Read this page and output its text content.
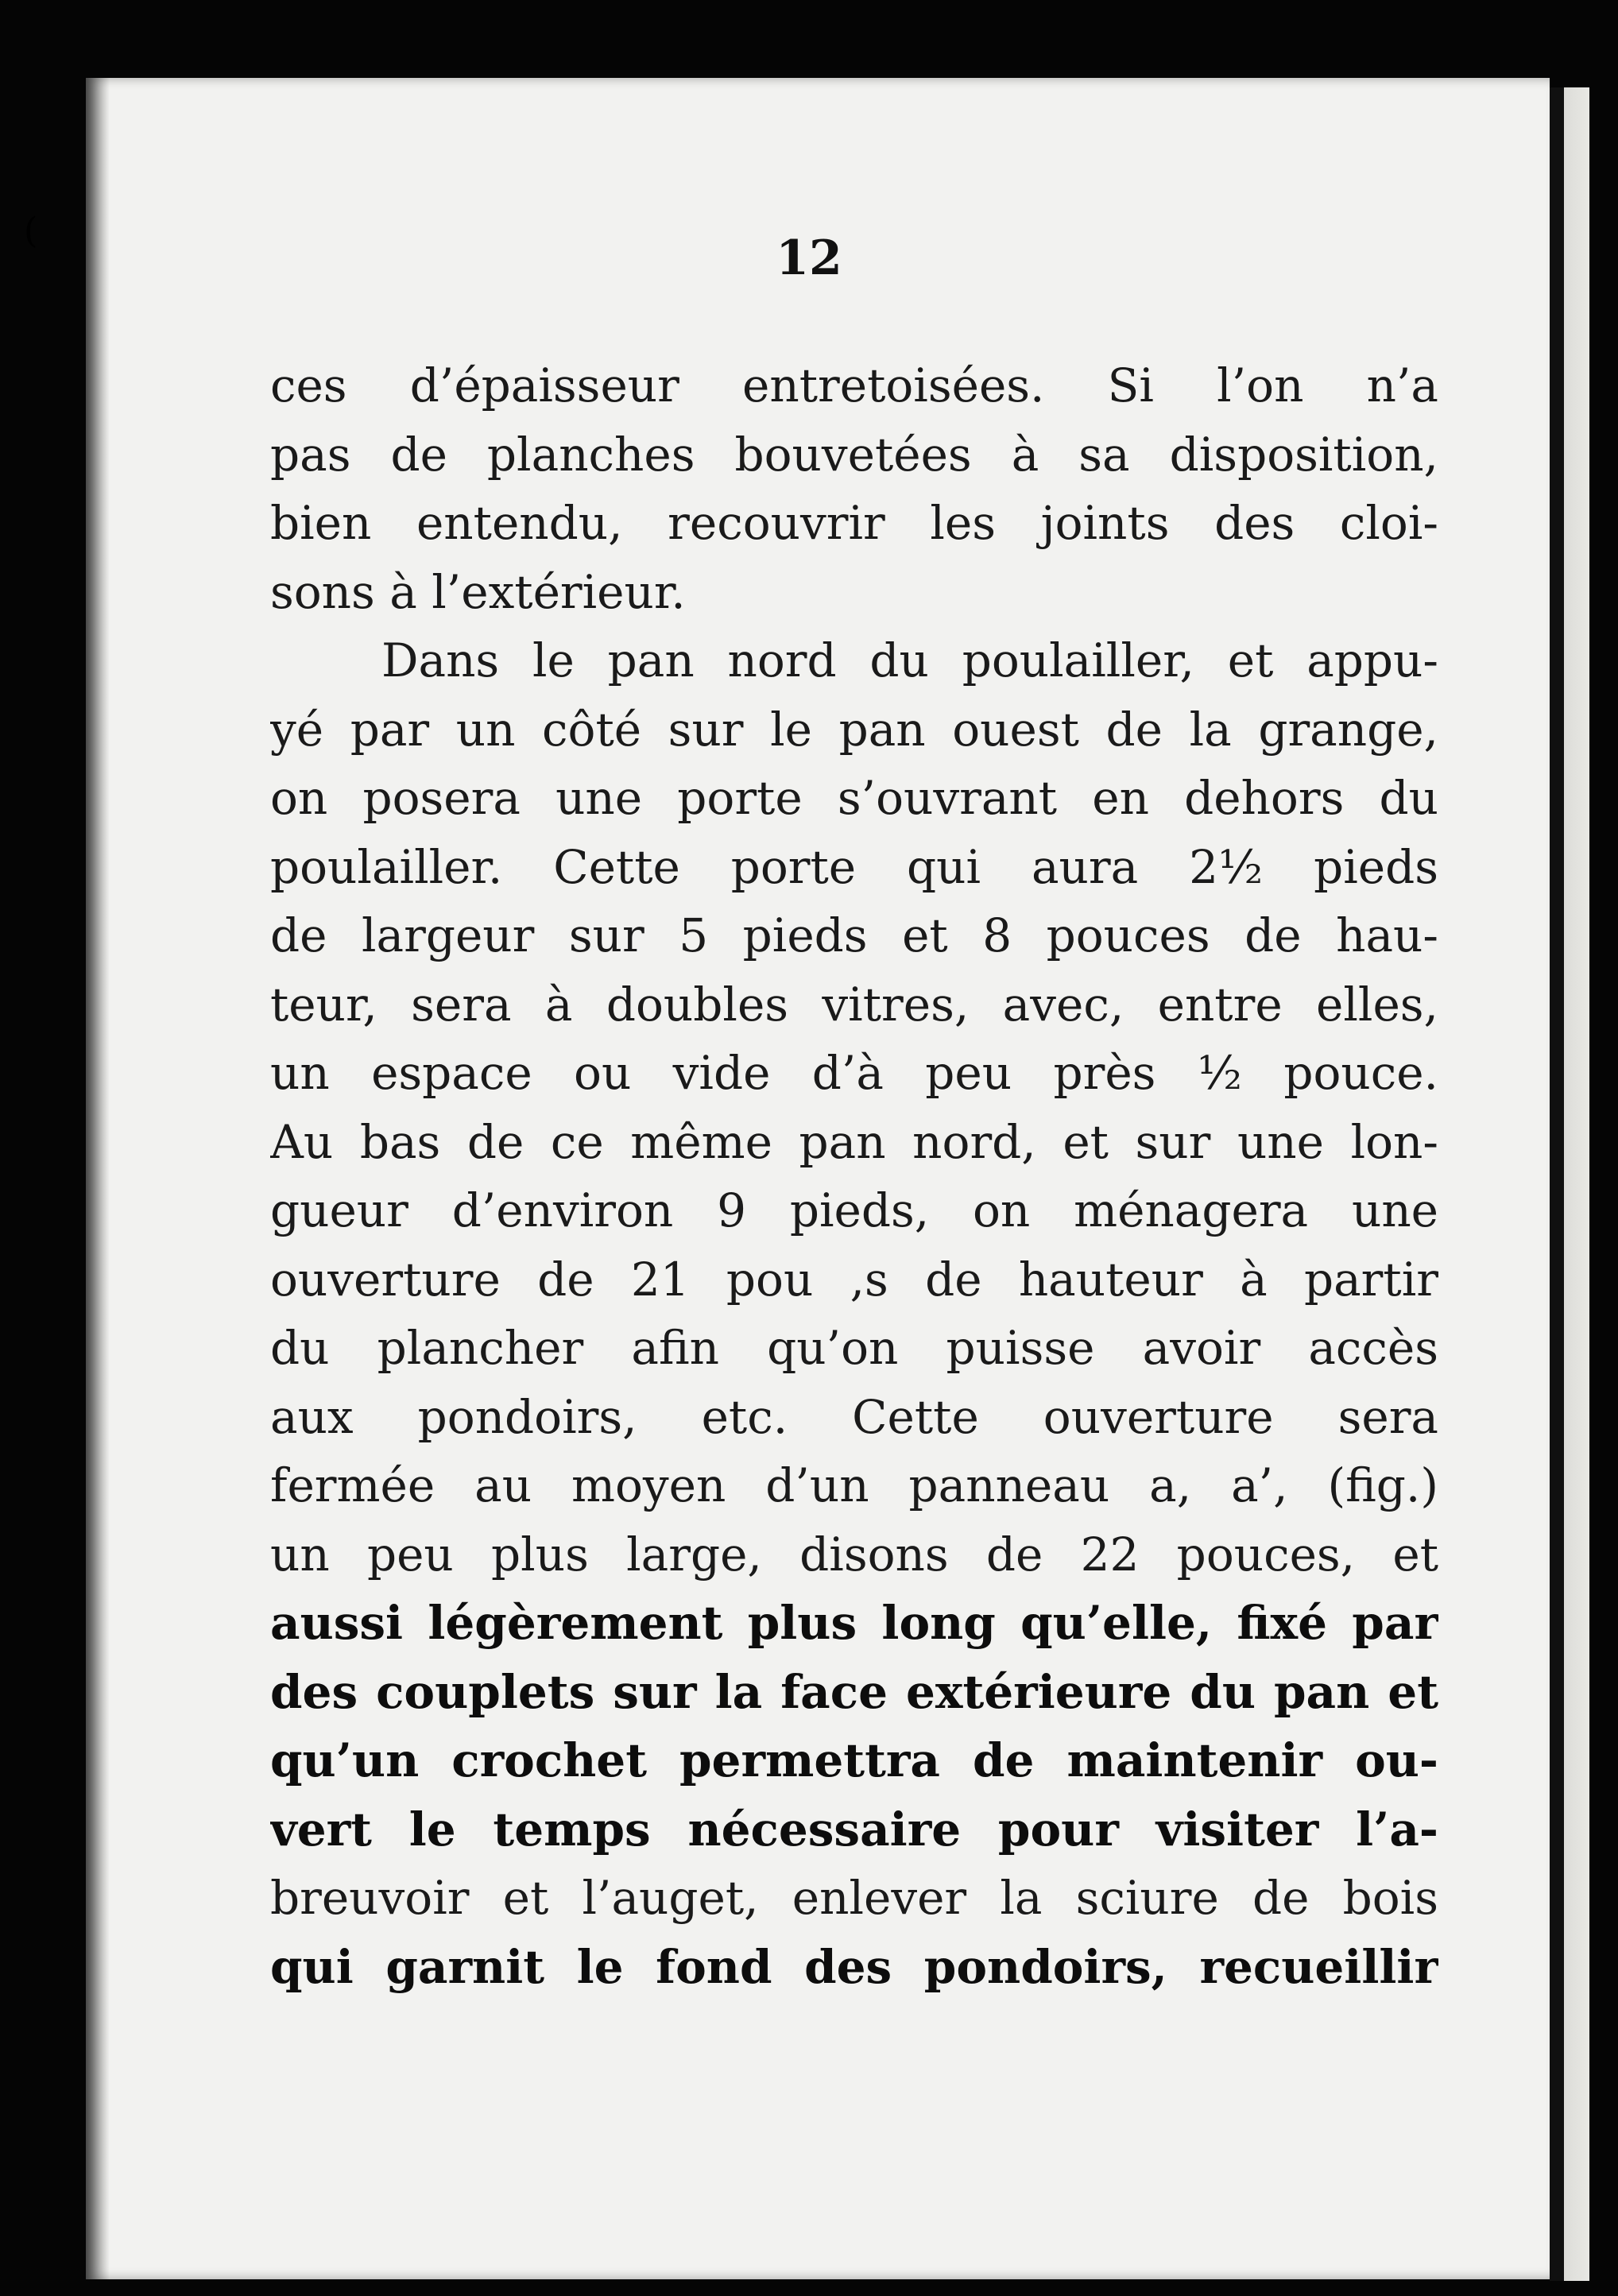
(	12
ces d’épaisseur entretoisées. Si l’on n’a
pas de planches bouvetées à sa disposition,
bien entendu, recouvrir les joints des cloi-
sons à l’extérieur.
Dans le pan nord du poulailler, et appu-
yé par un côté sur le pan ouest de la grange,
on posera une porte s’ouvrant en dehors du
poulailler. Cette porte qui aura 2½ pieds
de largeur sur 5 pieds et 8 pouces de hau-
teur, sera à doubles vitres, avec, entre elles,
un espace ou vide d’à peu près ½ pouce.
Au bas de ce même pan nord, et sur une lon-
gueur d’environ 9 pieds, on ménagera une
ouverture de 21 pou ,s de hauteur à partir
du plancher afin qu’on puisse avoir accès
aux pondoirs, etc. Cette ouverture sera
fermée au moyen d’un panneau a, a’, (fig.)
un peu plus large, disons de 22 pouces, et
aussi légèrement plus long qu’elle, fixé par
des couplets sur la face extérieure du pan et
qu’un crochet permettra de maintenir ou-
vert le temps nécessaire pour visiter l’a-
breuvoir et l’auget, enlever la sciure de bois
qui garnit le fond des pondoirs, recueillir
